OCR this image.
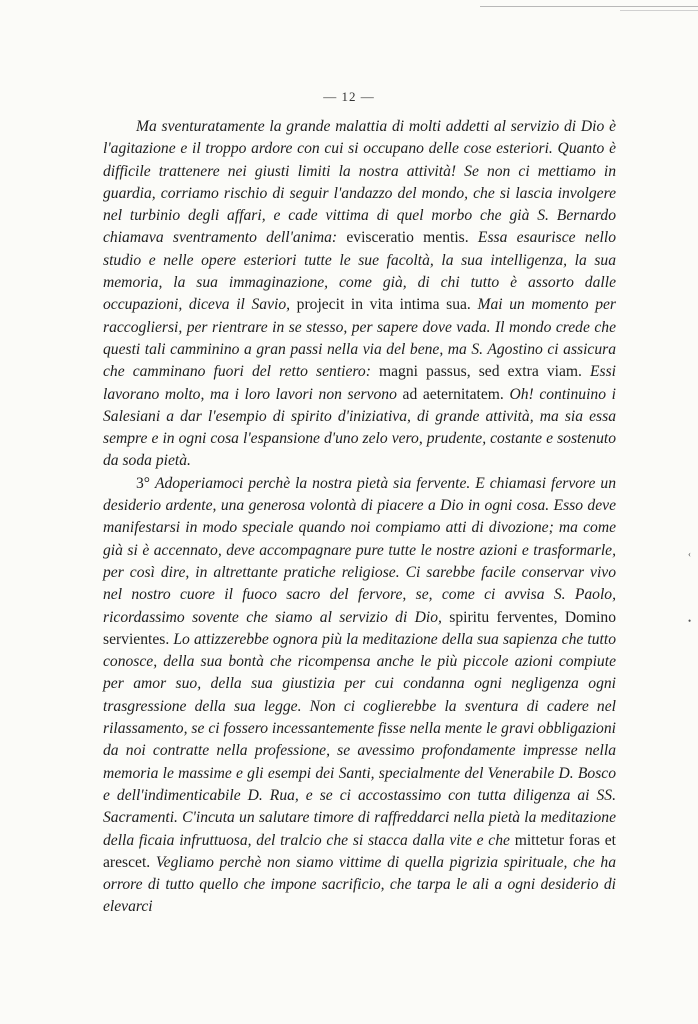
‹
•
— 12 —

Ma sventuratamente la grande malattia di molti addetti al servizio di Dio è l'agitazione e il troppo ardore con cui si occupano delle cose esteriori. Quanto è difficile trattenere nei giusti limiti la nostra attività! Se non ci mettiamo in guardia, corriamo rischio di seguir l'andazzo del mondo, che si lascia involgere nel turbinio degli affari, e cade vittima di quel morbo che già S. Bernardo chiamava sventramento dell'anima: evisceratio mentis. Essa esaurisce nello studio e nelle opere esteriori tutte le sue facoltà, la sua intelligenza, la sua memoria, la sua immaginazione, come già, di chi tutto è assorto dalle occupazioni, diceva il Savio, projecit in vita intima sua. Mai un momento per raccogliersi, per rientrare in se stesso, per sapere dove vada. Il mondo crede che questi tali camminino a gran passi nella via del bene, ma S. Agostino ci assicura che camminano fuori del retto sentiero: magni passus, sed extra viam. Essi lavorano molto, ma i loro lavori non servono ad aeternitatem. Oh! continuino i Salesiani a dar l'esempio di spirito d'iniziativa, di grande attività, ma sia essa sempre e in ogni cosa l'espansione d'uno zelo vero, prudente, costante e sostenuto da soda pietà.

3° Adoperiamoci perchè la nostra pietà sia fervente. E chiamasi fervore un desiderio ardente, una generosa volontà di piacere a Dio in ogni cosa. Esso deve manifestarsi in modo speciale quando noi compiamo atti di divozione; ma come già si è accennato, deve accompagnare pure tutte le nostre azioni e trasformarle, per così dire, in altrettante pratiche religiose. Ci sarebbe facile conservar vivo nel nostro cuore il fuoco sacro del fervore, se, come ci avvisa S. Paolo, ricordassimo sovente che siamo al servizio di Dio, spiritu ferventes, Domino servientes. Lo attizzerebbe ognora più la meditazione della sua sapienza che tutto conosce, della sua bontà che ricompensa anche le più piccole azioni compiute per amor suo, della sua giustizia per cui condanna ogni negligenza ogni trasgressione della sua legge. Non ci coglierebbe la sventura di cadere nel rilassamento, se ci fossero incessantemente fisse nella mente le gravi obbligazioni da noi contratte nella professione, se avessimo profondamente impresse nella memoria le massime e gli esempi dei Santi, specialmente del Venerabile D. Bosco e dell'indimenticabile D. Rua, e se ci accostassimo con tutta diligenza ai SS. Sacramenti. C'incuta un salutare timore di raffreddarci nella pietà la meditazione della ficaia infruttuosa, del tralcio che si stacca dalla vite e che mittetur foras et arescet. Vegliamo perchè non siamo vittime di quella pigrizia spirituale, che ha orrore di tutto quello che impone sacrificio, che tarpa le ali a ogni desiderio di elevarci
